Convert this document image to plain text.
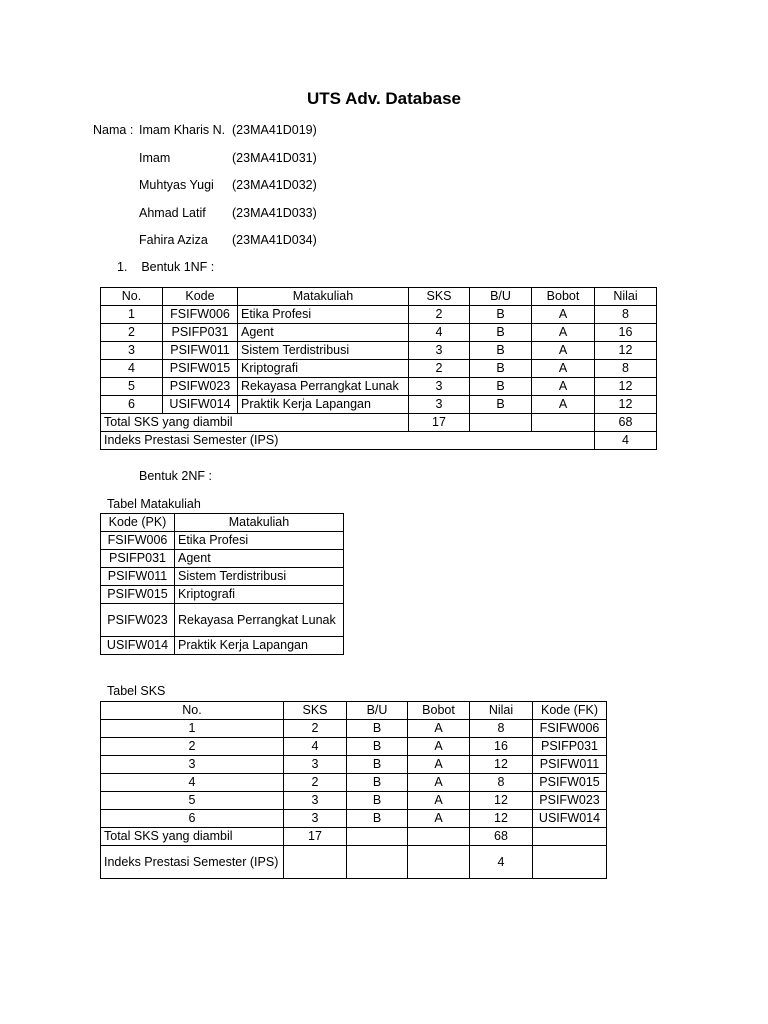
UTS Adv. Database
Nama : Imam Kharis N. (23MA41D019)
Imam	(23MA41D031)
Muhtyas Yugi (23MA41D032)
Ahmad Latif (23MA41D033)
Fahira Aziza (23MA41D034)
1.    Bentuk 1NF :
No.	Kode	Matakuliah	SKS	B/U	Bobot	Nilai
1	FSIFW006	Etika Profesi	2	B	A	8
2	PSIFP031	Agent	4	B	A	16
3	PSIFW011	Sistem Terdistribusi	3	B	A	12
4	PSIFW015	Kriptografi	2	B	A	8
5	PSIFW023	Rekayasa Perrangkat Lunak	3	B	A	12
6	USIFW014	Praktik Kerja Lapangan	3	B	A	12
Total SKS yang diambil			17			68
Indeks Prestasi Semester (IPS)						4
Bentuk 2NF :
Tabel Matakuliah
Kode (PK)	Matakuliah
FSIFW006	Etika Profesi
PSIFP031	Agent
PSIFW011	Sistem Terdistribusi
PSIFW015	Kriptografi
PSIFW023	Rekayasa Perrangkat Lunak
USIFW014	Praktik Kerja Lapangan
Tabel SKS
No.	SKS	B/U	Bobot	Nilai	Kode (FK)
1	2	B	A	8	FSIFW006
2	4	B	A	16	PSIFP031
3	3	B	A	12	PSIFW011
4	2	B	A	8	PSIFW015
5	3	B	A	12	PSIFW023
6	3	B	A	12	USIFW014
Total SKS yang diambil	17			68	
Indeks Prestasi Semester (IPS)				4	
